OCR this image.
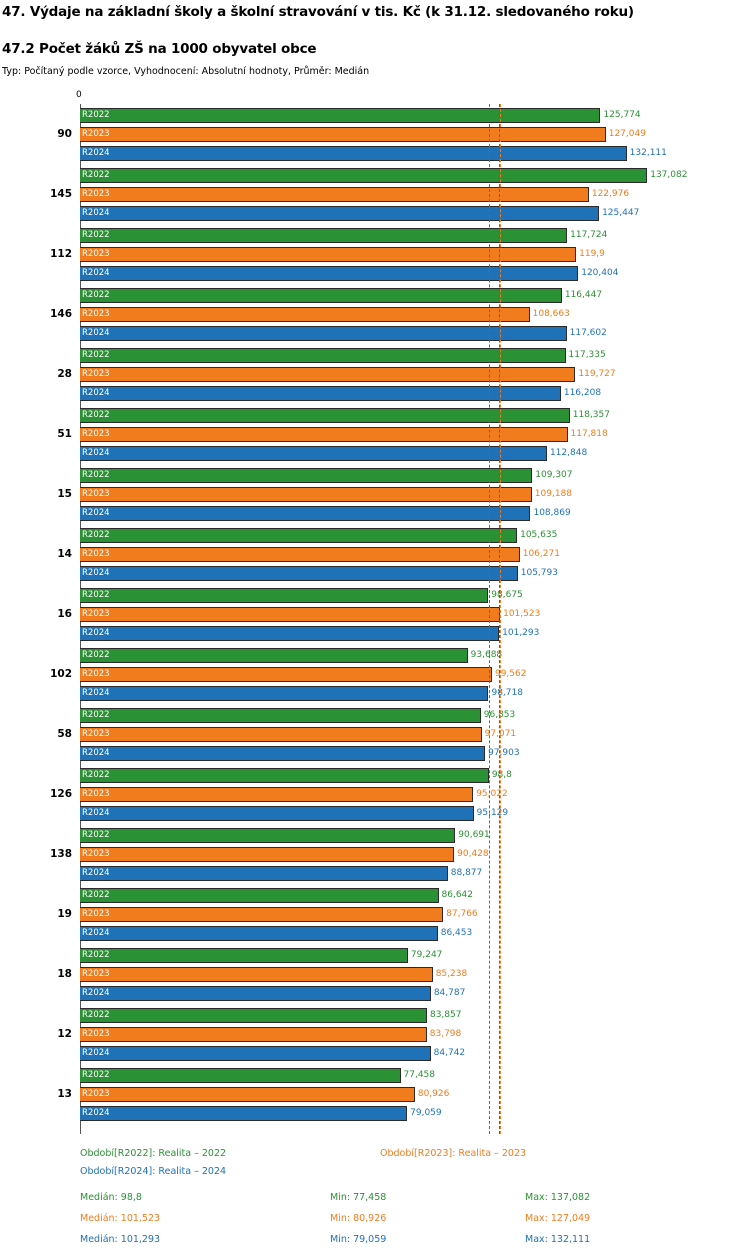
47. Výdaje na základní školy a školní stravování v tis. Kč (k 31.12. sledovaného roku)
47.2 Počet žáků ZŠ na 1000 obyvatel obce
Typ: Počítaný podle vzorce, Vyhodnocení: Absolutní hodnoty, Průměr: Medián
0
90
R2022	125,774
R2023	127,049
R2024	132,111
145
R2022	137,082
R2023	122,976
R2024	125,447
112
R2022	117,724
R2023	119,9
R2024	120,404
146
R2022	116,447
R2023	108,663
R2024	117,602
28
R2022	117,335
R2023	119,727
R2024	116,208
51
R2022	118,357
R2023	117,818
R2024	112,848
15
R2022	109,307
R2023	109,188
R2024	108,869
14
R2022	105,635
R2023	106,271
R2024	105,793
16
R2022	98,675
R2023	101,523
R2024	101,293
102
R2022	93,688
R2023	99,562
R2024	98,718
58
R2022	96,853
R2023	97,071
R2024	97,903
126
R2022	98,8
R2023	95,022
R2024	95,129
138
R2022	90,691
R2023	90,428
R2024	88,877
19
R2022	86,642
R2023	87,766
R2024	86,453
18
R2022	79,247
R2023	85,238
R2024	84,787
12
R2022	83,857
R2023	83,798
R2024	84,742
13
R2022	77,458
R2023	80,926
R2024	79,059
Období[R2022]: Realita – 2022	Období[R2023]: Realita – 2023
Období[R2024]: Realita – 2024
Medián: 98,8	Min: 77,458	Max: 137,082
Medián: 101,523	Min: 80,926	Max: 127,049
Medián: 101,293	Min: 79,059	Max: 132,111
